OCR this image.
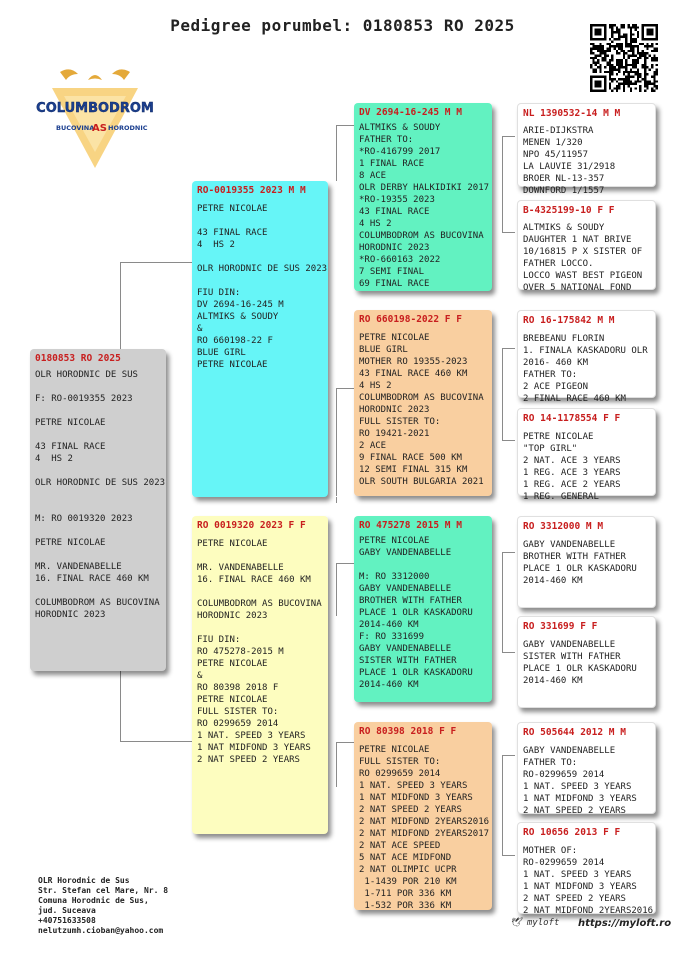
Pedigree porumbel: 0180853 RO 2025
COLUMBODROM
BUCOVINA
AS HORODNIC
0180853 RO 2025
OLR HORODNIC DE SUS
F: RO-0019355 2023
PETRE NICOLAE
43 FINAL RACE
4  HS 2
OLR HORODNIC DE SUS 2023
M: RO 0019320 2023
PETRE NICOLAE
MR. VANDENABELLE
16. FINAL RACE 460 KM
COLUMBODROM AS BUCOVINA
HORODNIC 2023
RO-0019355 2023 M M
PETRE NICOLAE
43 FINAL RACE
4  HS 2
OLR HORODNIC DE SUS 2023
FIU DIN:
DV 2694-16-245 M
ALTMIKS & SOUDY
&
RO 660198-22 F
BLUE GIRL
PETRE NICOLAE
RO 0019320 2023 F F
PETRE NICOLAE
MR. VANDENABELLE
16. FINAL RACE 460 KM
COLUMBODROM AS BUCOVINA
HORODNIC 2023
FIU DIN:
RO 475278-2015 M
PETRE NICOLAE
&
RO 80398 2018 F
PETRE NICOLAE
FULL SISTER TO:
RO 0299659 2014
1 NAT. SPEED 3 YEARS
1 NAT MIDFOND 3 YEARS
2 NAT SPEED 2 YEARS
DV 2694-16-245 M M
ALTMIKS & SOUDY
FATHER TO:
*RO-416799 2017
1 FINAL RACE
8 ACE
OLR DERBY HALKIDIKI 2017
*RO-19355 2023
43 FINAL RACE
4 HS 2
COLUMBODROM AS BUCOVINA
HORODNIC 2023
*RO-660163 2022
7 SEMI FINAL
69 FINAL RACE
RO 660198-2022 F F
PETRE NICOLAE
BLUE GIRL
MOTHER RO 19355-2023
43 FINAL RACE 460 KM
4 HS 2
COLUMBODROM AS BUCOVINA
HORODNIC 2023
FULL SISTER TO:
RO 19421-2021
2 ACE
9 FINAL RACE 500 KM
12 SEMI FINAL 315 KM
OLR SOUTH BULGARIA 2021
RO 475278 2015 M M
PETRE NICOLAE
GABY VANDENABELLE
M: RO 3312000
GABY VANDENABELLE
BROTHER WITH FATHER
PLACE 1 OLR KASKADORU
2014-460 KM
F: RO 331699
GABY VANDENABELLE
SISTER WITH FATHER
PLACE 1 OLR KASKADORU
2014-460 KM
RO 80398 2018 F F
PETRE NICOLAE
FULL SISTER TO:
RO 0299659 2014
1 NAT. SPEED 3 YEARS
1 NAT MIDFOND 3 YEARS
2 NAT SPEED 2 YEARS
2 NAT MIDFOND 2YEARS2016
2 NAT MIDFOND 2YEARS2017
2 NAT ACE SPEED
5 NAT ACE MIDFOND
2 NAT OLIMPIC UCPR
1-1439 POR 210 KM
1-711 POR 336 KM
1-532 POR 336 KM
NL 1390532-14 M M
ARIE-DIJKSTRA
MENEN 1/320
NPO 45/11957
LA LAUVIE 31/2918
BROER NL-13-357
DOWNFORD 1/1557
B-4325199-10 F F
ALTMIKS & SOUDY
DAUGHTER 1 NAT BRIVE
10/16815 P X SISTER OF
FATHER LOCCO.
LOCCO WAST BEST PIGEON
OVER 5 NATIONAL FOND
RO 16-175842 M M
BREBEANU FLORIN
1. FINALA KASKADORU OLR
2016- 460 KM
FATHER TO:
2 ACE PIGEON
2 FINAL RACE 460 KM
RO 14-1178554 F F
PETRE NICOLAE
"TOP GIRL"
2 NAT. ACE 3 YEARS
1 REG. ACE 3 YEARS
1 REG. ACE 2 YEARS
1 REG. GENERAL
RO 3312000 M M
GABY VANDENABELLE
BROTHER WITH FATHER
PLACE 1 OLR KASKADORU
2014-460 KM
RO 331699 F F
GABY VANDENABELLE
SISTER WITH FATHER
PLACE 1 OLR KASKADORU
2014-460 KM
RO 505644 2012 M M
GABY VANDENABELLE
FATHER TO:
RO-0299659 2014
1 NAT. SPEED 3 YEARS
1 NAT MIDFOND 3 YEARS
2 NAT SPEED 2 YEARS
RO 10656 2013 F F
MOTHER OF:
RO-0299659 2014
1 NAT. SPEED 3 YEARS
1 NAT MIDFOND 3 YEARS
2 NAT SPEED 2 YEARS
2 NAT MIDFOND 2YEARS2016
OLR Horodnic de Sus
Str. Stefan cel Mare, Nr. 8
Comuna Horodnic de Sus,
jud. Suceava
+40751633508
nelutzumh.cioban@yahoo.com
🕊 myloft https://myloft.ro
